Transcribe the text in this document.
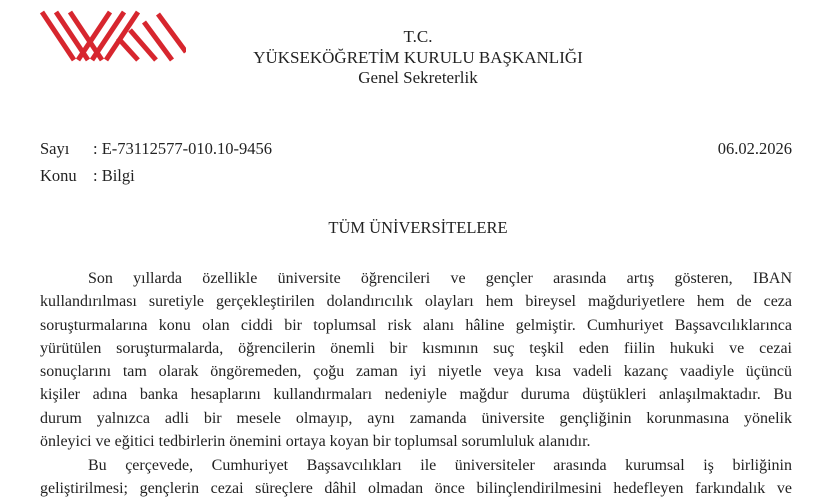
T.C.
YÜKSEKÖĞRETİM KURULU BAŞKANLIĞI
Genel Sekreterlik
Sayı : E-73112577-010.10-9456	06.02.2026
Konu : Bilgi
TÜM ÜNİVERSİTELERE
Son yıllarda özellikle üniversite öğrencileri ve gençler arasında artış gösteren, IBAN
kullandırılması suretiyle gerçekleştirilen dolandırıcılık olayları hem bireysel mağduriyetlere hem de ceza
soruşturmalarına konu olan ciddi bir toplumsal risk alanı hâline gelmiştir. Cumhuriyet Başsavcılıklarınca
yürütülen soruşturmalarda, öğrencilerin önemli bir kısmının suç teşkil eden fiilin hukuki ve cezai
sonuçlarını tam olarak öngöremeden, çoğu zaman iyi niyetle veya kısa vadeli kazanç vaadiyle üçüncü
kişiler adına banka hesaplarını kullandırmaları nedeniyle mağdur duruma düştükleri anlaşılmaktadır. Bu
durum yalnızca adli bir mesele olmayıp, aynı zamanda üniversite gençliğinin korunmasına yönelik
önleyici ve eğitici tedbirlerin önemini ortaya koyan bir toplumsal sorumluluk alanıdır.
Bu çerçevede, Cumhuriyet Başsavcılıkları ile üniversiteler arasında kurumsal iş birliğinin
geliştirilmesi; gençlerin cezai süreçlere dâhil olmadan önce bilinçlendirilmesini hedefleyen farkındalık ve
